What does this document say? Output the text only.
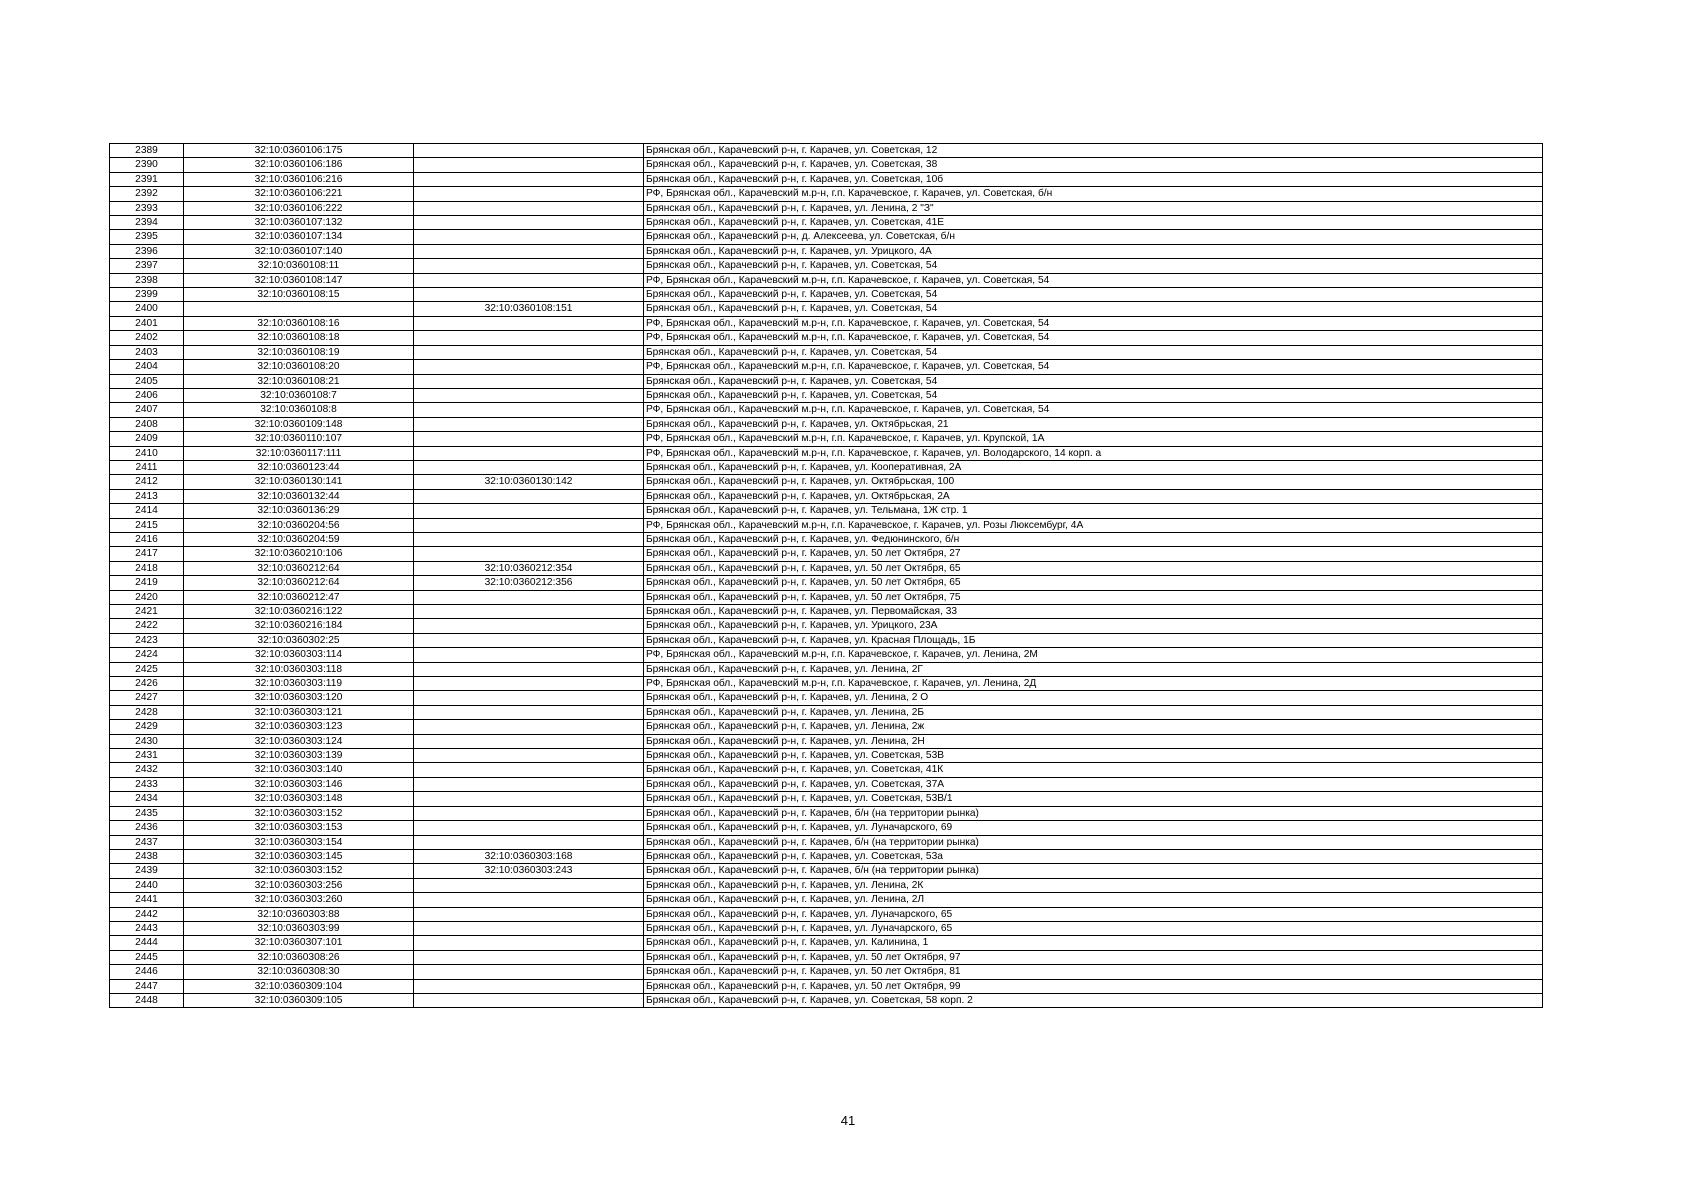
2389	32:10:0360106:175		Брянская обл., Карачевский р-н, г. Карачев, ул. Советская, 12
2390	32:10:0360106:186		Брянская обл., Карачевский р-н, г. Карачев, ул. Советская, 38
2391	32:10:0360106:216		Брянская обл., Карачевский р-н, г. Карачев, ул. Советская, 10б
2392	32:10:0360106:221		РФ, Брянская обл., Карачевский м.р-н, г.п. Карачевское, г. Карачев, ул. Советская, б/н
2393	32:10:0360106:222		Брянская обл., Карачевский р-н, г. Карачев, ул. Ленина, 2 "З"
2394	32:10:0360107:132		Брянская обл., Карачевский р-н, г. Карачев, ул. Советская, 41Е
2395	32:10:0360107:134		Брянская обл., Карачевский р-н, д. Алексеева, ул. Советская, б/н
2396	32:10:0360107:140		Брянская обл., Карачевский р-н, г. Карачев, ул. Урицкого, 4А
2397	32:10:0360108:11		Брянская обл., Карачевский р-н, г. Карачев, ул. Советская, 54
2398	32:10:0360108:147		РФ, Брянская обл., Карачевский м.р-н, г.п. Карачевское, г. Карачев, ул. Советская, 54
2399	32:10:0360108:15		Брянская обл., Карачевский р-н, г. Карачев, ул. Советская, 54
2400		32:10:0360108:151	Брянская обл., Карачевский р-н, г. Карачев, ул. Советская, 54
2401	32:10:0360108:16		РФ, Брянская обл., Карачевский м.р-н, г.п. Карачевское, г. Карачев, ул. Советская, 54
2402	32:10:0360108:18		РФ, Брянская обл., Карачевский м.р-н, г.п. Карачевское, г. Карачев, ул. Советская, 54
2403	32:10:0360108:19		Брянская обл., Карачевский р-н, г. Карачев, ул. Советская, 54
2404	32:10:0360108:20		РФ, Брянская обл., Карачевский м.р-н, г.п. Карачевское, г. Карачев, ул. Советская, 54
2405	32:10:0360108:21		Брянская обл., Карачевский р-н, г. Карачев, ул. Советская, 54
2406	32:10:0360108:7		Брянская обл., Карачевский р-н, г. Карачев, ул. Советская, 54
2407	32:10:0360108:8		РФ, Брянская обл., Карачевский м.р-н, г.п. Карачевское, г. Карачев, ул. Советская, 54
2408	32:10:0360109:148		Брянская обл., Карачевский р-н, г. Карачев, ул. Октябрьская, 21
2409	32:10:0360110:107		РФ, Брянская обл., Карачевский м.р-н, г.п. Карачевское, г. Карачев, ул. Крупской, 1А
2410	32:10:0360117:111		РФ, Брянская обл., Карачевский м.р-н, г.п. Карачевское, г. Карачев, ул. Володарского, 14 корп. а
2411	32:10:0360123:44		Брянская обл., Карачевский р-н, г. Карачев, ул. Кооперативная, 2А
2412	32:10:0360130:141	32:10:0360130:142	Брянская обл., Карачевский р-н, г. Карачев, ул. Октябрьская, 100
2413	32:10:0360132:44		Брянская обл., Карачевский р-н, г. Карачев, ул. Октябрьская, 2А
2414	32:10:0360136:29		Брянская обл., Карачевский р-н, г. Карачев, ул. Тельмана, 1Ж стр. 1
2415	32:10:0360204:56		РФ, Брянская обл., Карачевский м.р-н, г.п. Карачевское, г. Карачев, ул. Розы Люксембург, 4А
2416	32:10:0360204:59		Брянская обл., Карачевский р-н, г. Карачев, ул. Федюнинского, б/н
2417	32:10:0360210:106		Брянская обл., Карачевский р-н, г. Карачев, ул. 50 лет Октября, 27
2418	32:10:0360212:64	32:10:0360212:354	Брянская обл., Карачевский р-н, г. Карачев, ул. 50 лет Октября, 65
2419	32:10:0360212:64	32:10:0360212:356	Брянская обл., Карачевский р-н, г. Карачев, ул. 50 лет Октября, 65
2420	32:10:0360212:47		Брянская обл., Карачевский р-н, г. Карачев, ул. 50 лет Октября, 75
2421	32:10:0360216:122		Брянская обл., Карачевский р-н, г. Карачев, ул. Первомайская, 33
2422	32:10:0360216:184		Брянская обл., Карачевский р-н, г. Карачев, ул. Урицкого, 23А
2423	32:10:0360302:25		Брянская обл., Карачевский р-н, г. Карачев, ул. Красная Площадь, 1Б
2424	32:10:0360303:114		РФ, Брянская обл., Карачевский м.р-н, г.п. Карачевское, г. Карачев, ул. Ленина, 2М
2425	32:10:0360303:118		Брянская обл., Карачевский р-н, г. Карачев, ул. Ленина, 2Г
2426	32:10:0360303:119		РФ, Брянская обл., Карачевский м.р-н, г.п. Карачевское, г. Карачев, ул. Ленина, 2Д
2427	32:10:0360303:120		Брянская обл., Карачевский р-н, г. Карачев, ул. Ленина, 2 О
2428	32:10:0360303:121		Брянская обл., Карачевский р-н, г. Карачев, ул. Ленина, 2Б
2429	32:10:0360303:123		Брянская обл., Карачевский р-н, г. Карачев, ул. Ленина, 2ж
2430	32:10:0360303:124		Брянская обл., Карачевский р-н, г. Карачев, ул. Ленина, 2Н
2431	32:10:0360303:139		Брянская обл., Карачевский р-н, г. Карачев, ул. Советская, 53В
2432	32:10:0360303:140		Брянская обл., Карачевский р-н, г. Карачев, ул. Советская, 41К
2433	32:10:0360303:146		Брянская обл., Карачевский р-н, г. Карачев, ул. Советская, 37А
2434	32:10:0360303:148		Брянская обл., Карачевский р-н, г. Карачев, ул. Советская, 53В/1
2435	32:10:0360303:152		Брянская обл., Карачевский р-н, г. Карачев, б/н (на территории рынка)
2436	32:10:0360303:153		Брянская обл., Карачевский р-н, г. Карачев, ул. Луначарского, 69
2437	32:10:0360303:154		Брянская обл., Карачевский р-н, г. Карачев, б/н (на территории рынка)
2438	32:10:0360303:145	32:10:0360303:168	Брянская обл., Карачевский р-н, г. Карачев, ул. Советская, 53а
2439	32:10:0360303:152	32:10:0360303:243	Брянская обл., Карачевский р-н, г. Карачев, б/н (на территории рынка)
2440	32:10:0360303:256		Брянская обл., Карачевский р-н, г. Карачев, ул. Ленина, 2К
2441	32:10:0360303:260		Брянская обл., Карачевский р-н, г. Карачев, ул. Ленина, 2Л
2442	32:10:0360303:88		Брянская обл., Карачевский р-н, г. Карачев, ул. Луначарского, 65
2443	32:10:0360303:99		Брянская обл., Карачевский р-н, г. Карачев, ул. Луначарского, 65
2444	32:10:0360307:101		Брянская обл., Карачевский р-н, г. Карачев, ул. Калинина, 1
2445	32:10:0360308:26		Брянская обл., Карачевский р-н, г. Карачев, ул. 50 лет Октября, 97
2446	32:10:0360308:30		Брянская обл., Карачевский р-н, г. Карачев, ул. 50 лет Октября, 81
2447	32:10:0360309:104		Брянская обл., Карачевский р-н, г. Карачев, ул. 50 лет Октября, 99
2448	32:10:0360309:105		Брянская обл., Карачевский р-н, г. Карачев, ул. Советская, 58 корп. 2
41
